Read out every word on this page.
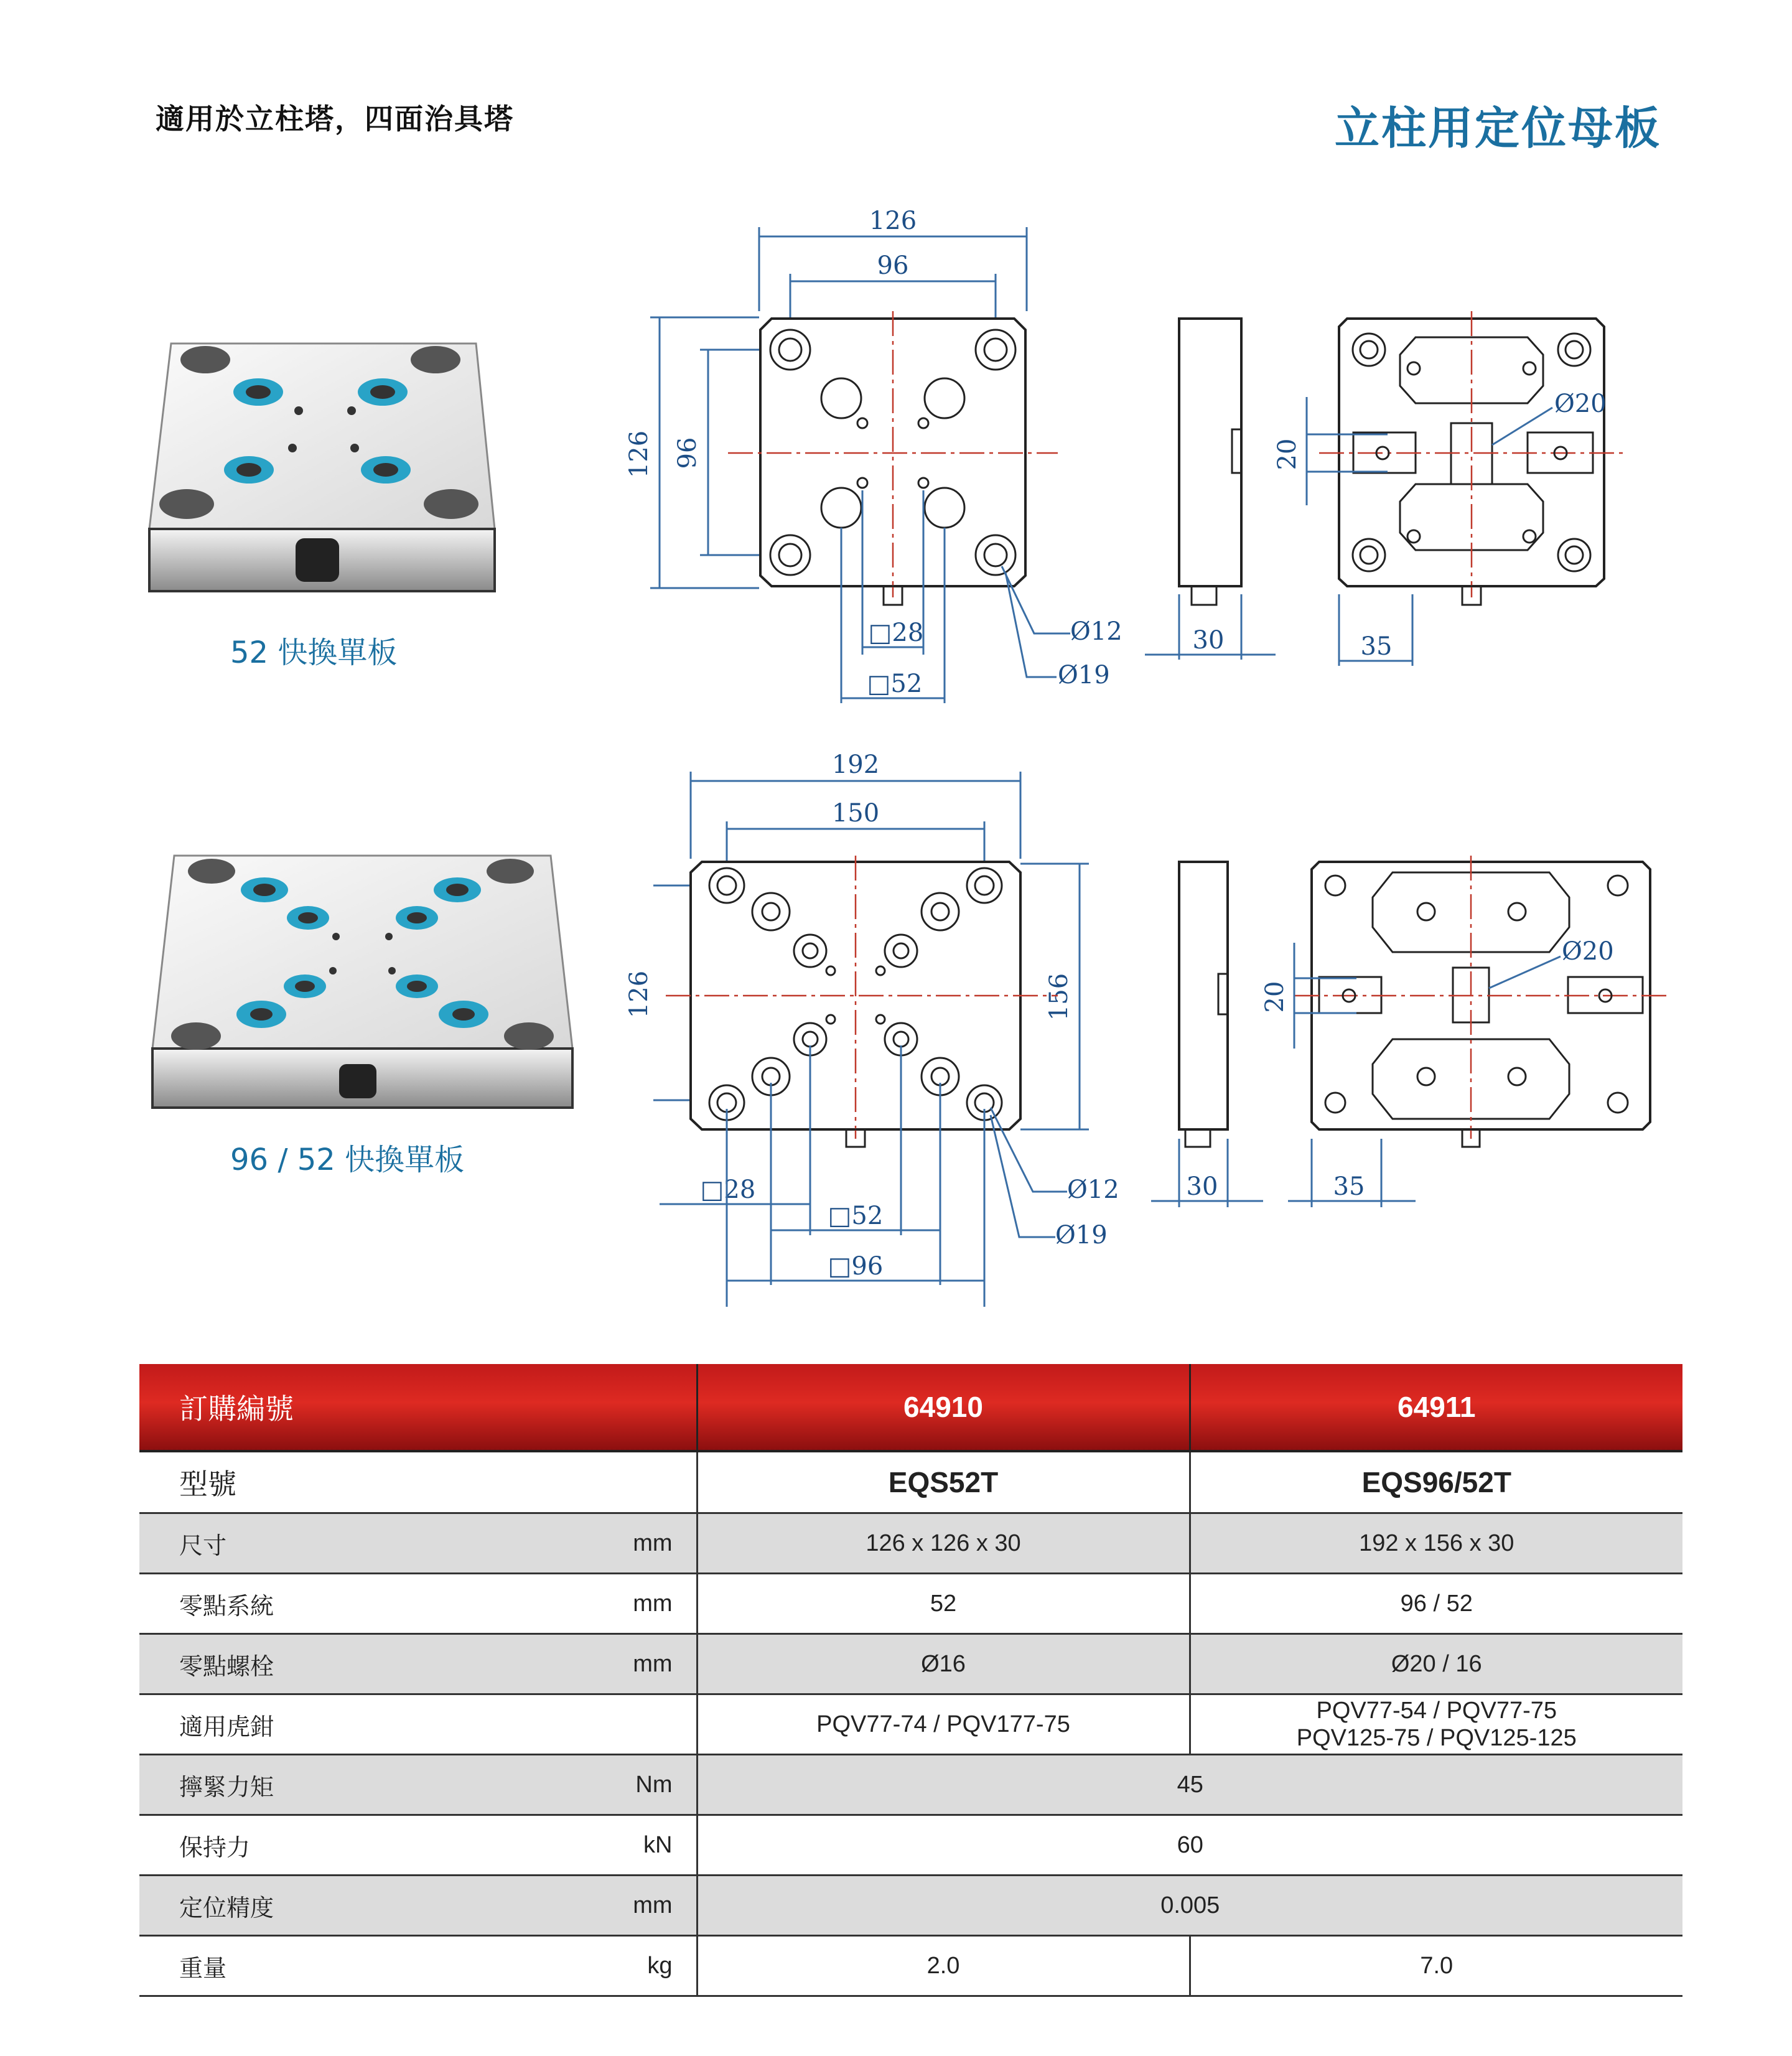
適用於立柱塔，四面治具塔	立柱用定位母板
52 快換單板
96 / 52 快換單板
126
96
126 96
□28
□52
Ø12
Ø19
30
Ø20
20
35
192
150
126	156
□28
□52
□96
Ø12
Ø19
30
Ø20
20
35
訂購編號		64910	64911
型號		EQS52T	EQS96/52T
尺寸	mm	126 x 126 x 30	192 x 156 x 30
零點系統	mm	52	96 / 52
零點螺栓	mm	Ø16	Ø20 / 16
適用虎鉗		PQV77-74 / PQV177-75	PQV77-54 / PQV77-75
PQV125-75 / PQV125-125

擰緊力矩	Nm	45	
保持力	kN	60	
定位精度	mm	0.005	
重量	kg	2.0	7.0
